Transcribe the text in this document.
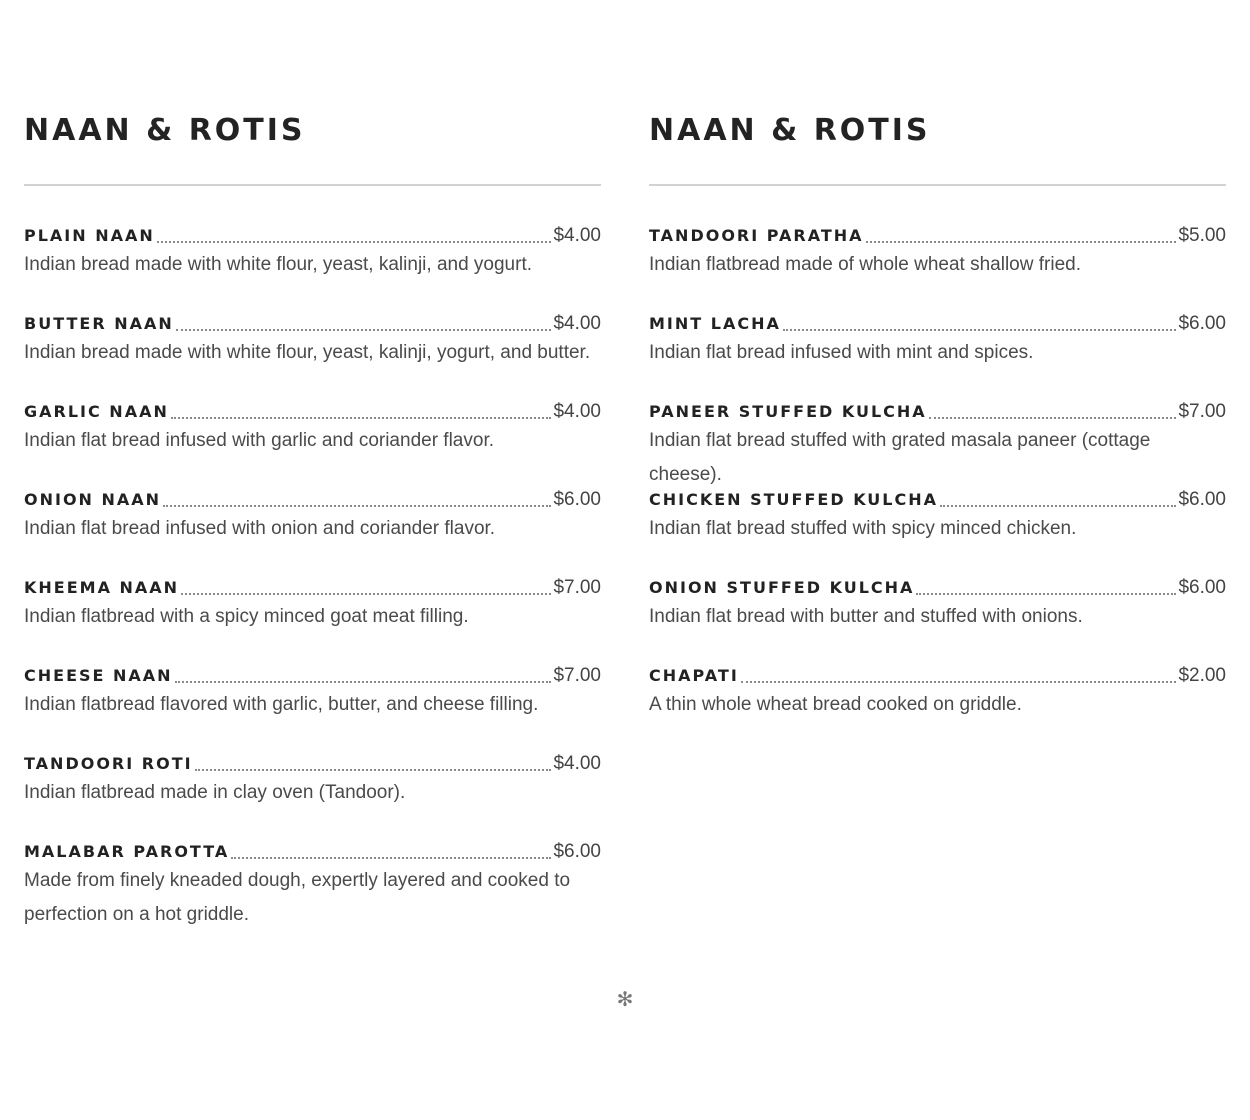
NAAN & ROTIS
PLAIN NAAN	$4.00
Indian bread made with white flour, yeast, kalinji, and yogurt.
BUTTER NAAN	$4.00
Indian bread made with white flour, yeast, kalinji, yogurt, and butter.
GARLIC NAAN	$4.00
Indian flat bread infused with garlic and coriander flavor.
ONION NAAN	$6.00
Indian flat bread infused with onion and coriander flavor.
KHEEMA NAAN	$7.00
Indian flatbread with a spicy minced goat meat filling.
CHEESE NAAN	$7.00
Indian flatbread flavored with garlic, butter, and cheese filling.
TANDOORI ROTI	$4.00
Indian flatbread made in clay oven (Tandoor).
MALABAR PAROTTA	$6.00
Made from finely kneaded dough, expertly layered and cooked to perfection on a hot griddle.
NAAN & ROTIS
TANDOORI PARATHA	$5.00
Indian flatbread made of whole wheat shallow fried.
MINT LACHA	$6.00
Indian flat bread infused with mint and spices.
PANEER STUFFED KULCHA	$7.00
Indian flat bread stuffed with grated masala paneer (cottage cheese).
CHICKEN STUFFED KULCHA	$6.00
Indian flat bread stuffed with spicy minced chicken.
ONION STUFFED KULCHA	$6.00
Indian flat bread with butter and stuffed with onions.
CHAPATI	$2.00
A thin whole wheat bread cooked on griddle.
✻
